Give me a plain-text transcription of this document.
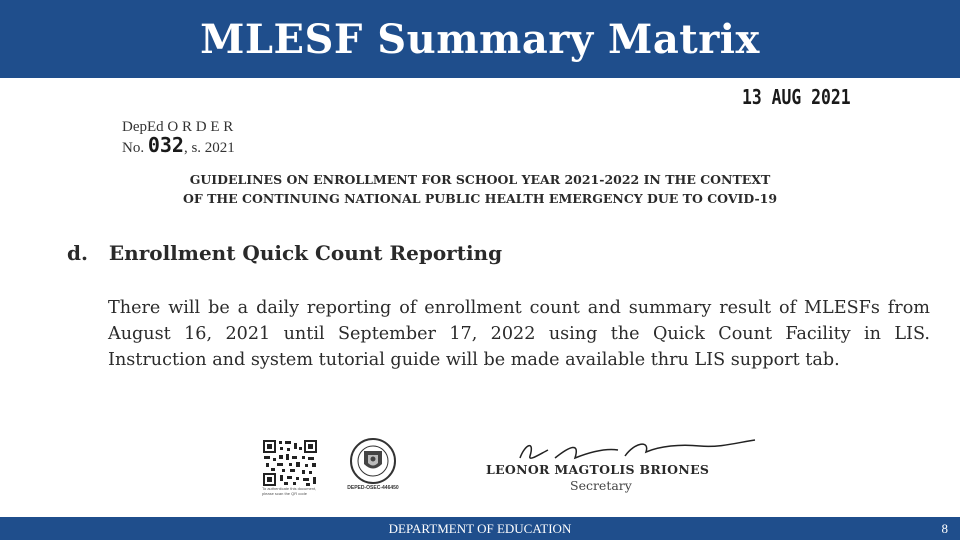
MLESF Summary Matrix
13 AUG 2021
DepEd O R D E R
No. 032, s. 2021
GUIDELINES ON ENROLLMENT FOR SCHOOL YEAR 2021-2022 IN THE CONTEXT
OF THE CONTINUING NATIONAL PUBLIC HEALTH EMERGENCY DUE TO COVID-19
d. Enrollment Quick Count Reporting
There will be a daily reporting of enrollment count and summary result of MLESFs from August 16, 2021 until September 17, 2022 using the Quick Count Facility in LIS. Instruction and system tutorial guide will be made available thru LIS support tab.
To authenticate this document, please scan the QR code
DEPED-OSEC-446450
LEONOR MAGTOLIS BRIONES
Secretary
DEPARTMENT OF EDUCATION	8
